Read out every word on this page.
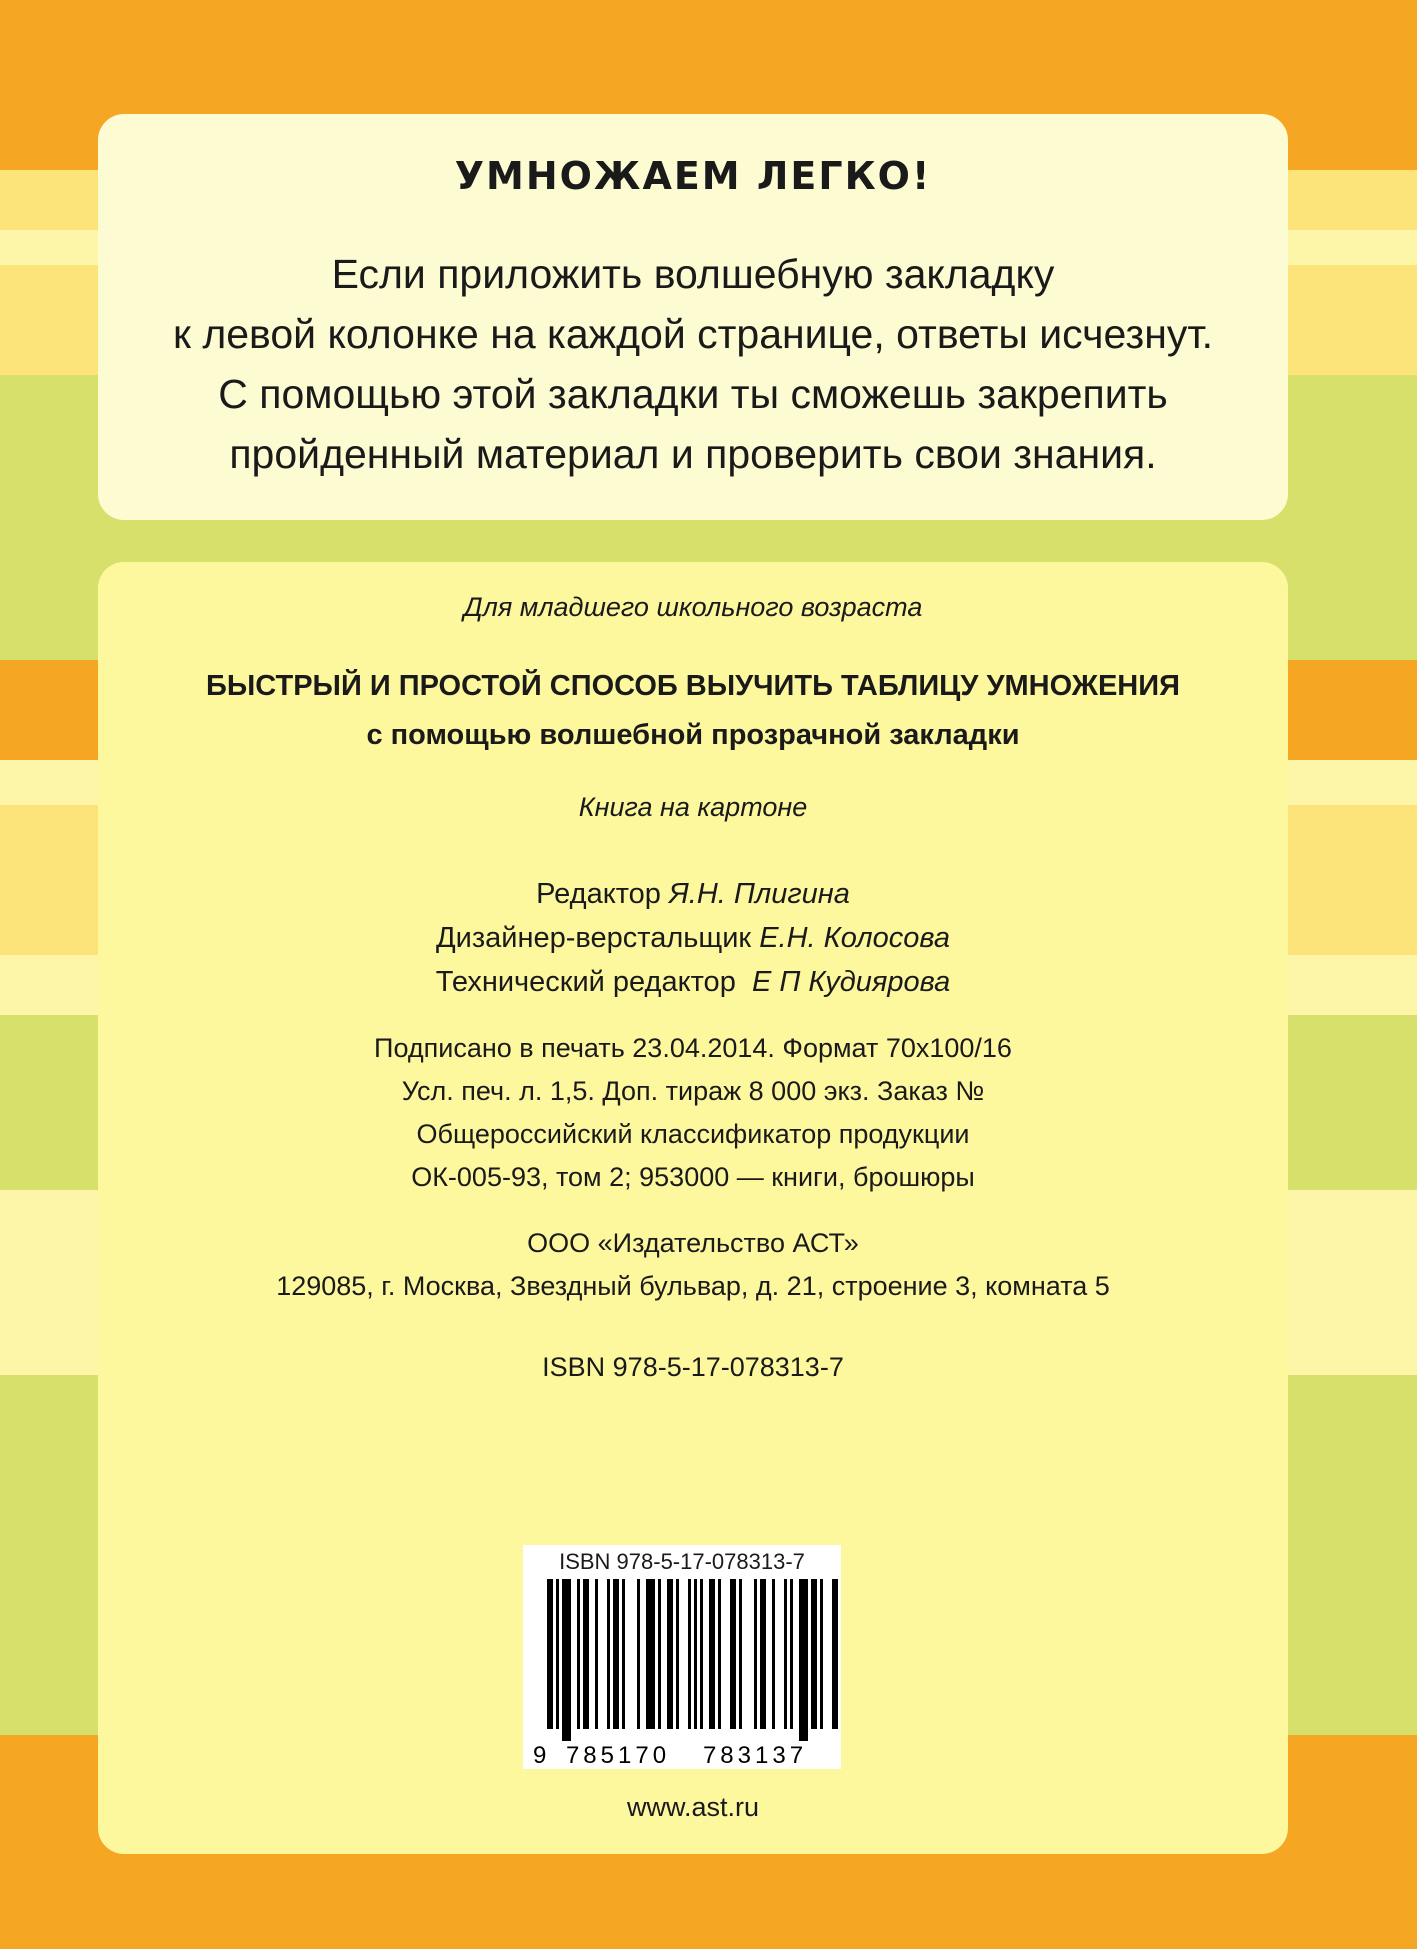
УМНОЖАЕМ ЛЕГКО!
Если приложить волшебную закладку
к левой колонке на каждой странице, ответы исчезнут.
С помощью этой закладки ты сможешь закрепить
пройденный материал и проверить свои знания.
Для младшего школьного возраста
БЫСТРЫЙ И ПРОСТОЙ СПОСОБ ВЫУЧИТЬ ТАБЛИЦУ УМНОЖЕНИЯ
с помощью волшебной прозрачной закладки
Книга на картоне
Редактор Я.Н. Плигина
Дизайнер-верстальщик Е.Н. Колосова
Технический редактор Е П Кудиярова
Подписано в печать 23.04.2014. Формат 70x100/16
Усл. печ. л. 1,5. Доп. тираж 8 000 экз. Заказ №
Общероссийский классификатор продукции
ОК-005-93, том 2; 953000 — книги, брошюры
ООО «Издательство АСТ»
129085, г. Москва, Звездный бульвар, д. 21, строение 3, комната 5
ISBN 978-5-17-078313-7
ISBN 978-5-17-078313-7
9 785170 783137
www.ast.ru
